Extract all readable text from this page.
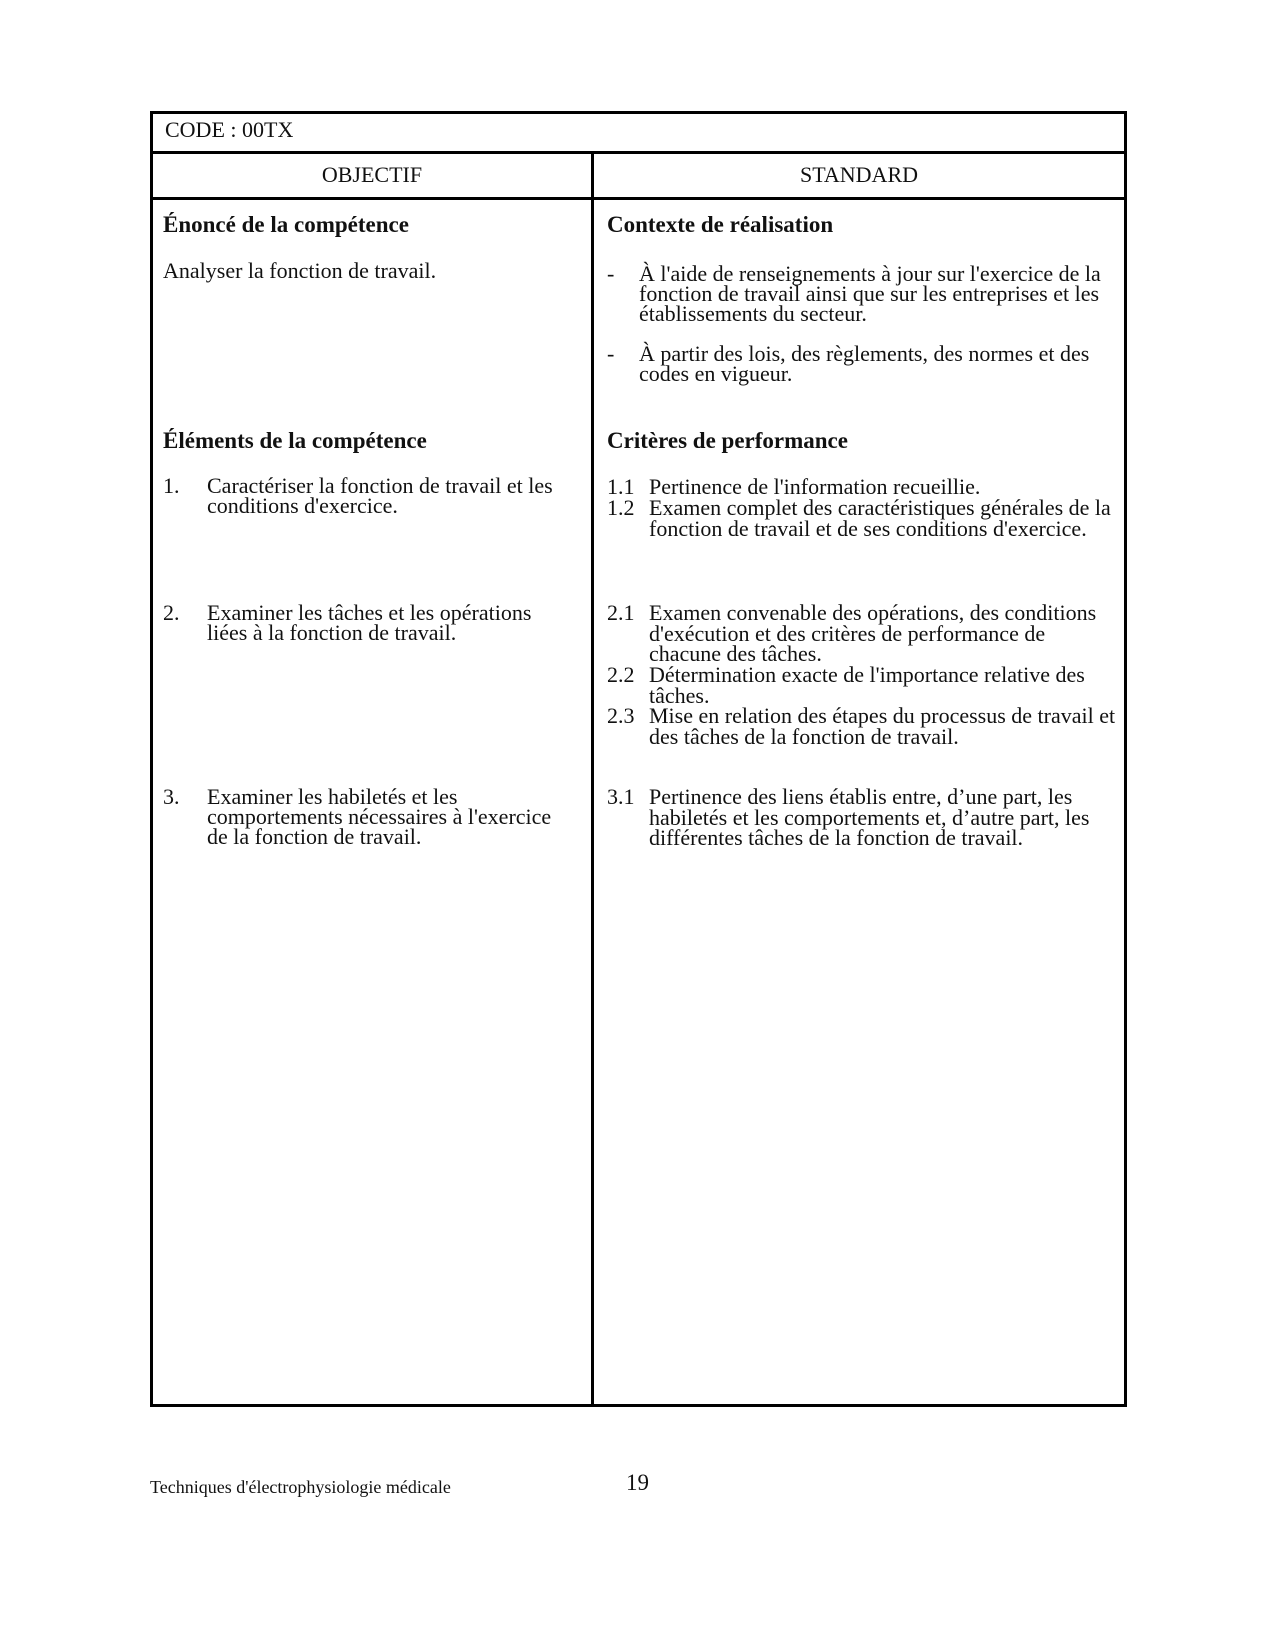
CODE : 00TX
OBJECTIF	STANDARD
Énoncé de la compétence
Analyser la fonction de travail.
Éléments de la compétence
1. Caractériser la fonction de travail et les conditions d'exercice.
2. Examiner les tâches et les opérations liées à la fonction de travail.
3. Examiner les habiletés et les comportements nécessaires à l'exercice de la fonction de travail.
Contexte de réalisation
- À l'aide de renseignements à jour sur l'exercice de la fonction de travail ainsi que sur les entreprises et les établissements du secteur.
- À partir des lois, des règlements, des normes et des codes en vigueur.
Critères de performance
1.1 Pertinence de l'information recueillie.
1.2 Examen complet des caractéristiques générales de la fonction de travail et de ses conditions d'exercice.
2.1 Examen convenable des opérations, des conditions d'exécution et des critères de performance de chacune des tâches.
2.2 Détermination exacte de l'importance relative des tâches.
2.3 Mise en relation des étapes du processus de travail et des tâches de la fonction de travail.
3.1 Pertinence des liens établis entre, d’une part, les habiletés et les comportements et, d’autre part, les différentes tâches de la fonction de travail.
Techniques d'électrophysiologie médicale	19
